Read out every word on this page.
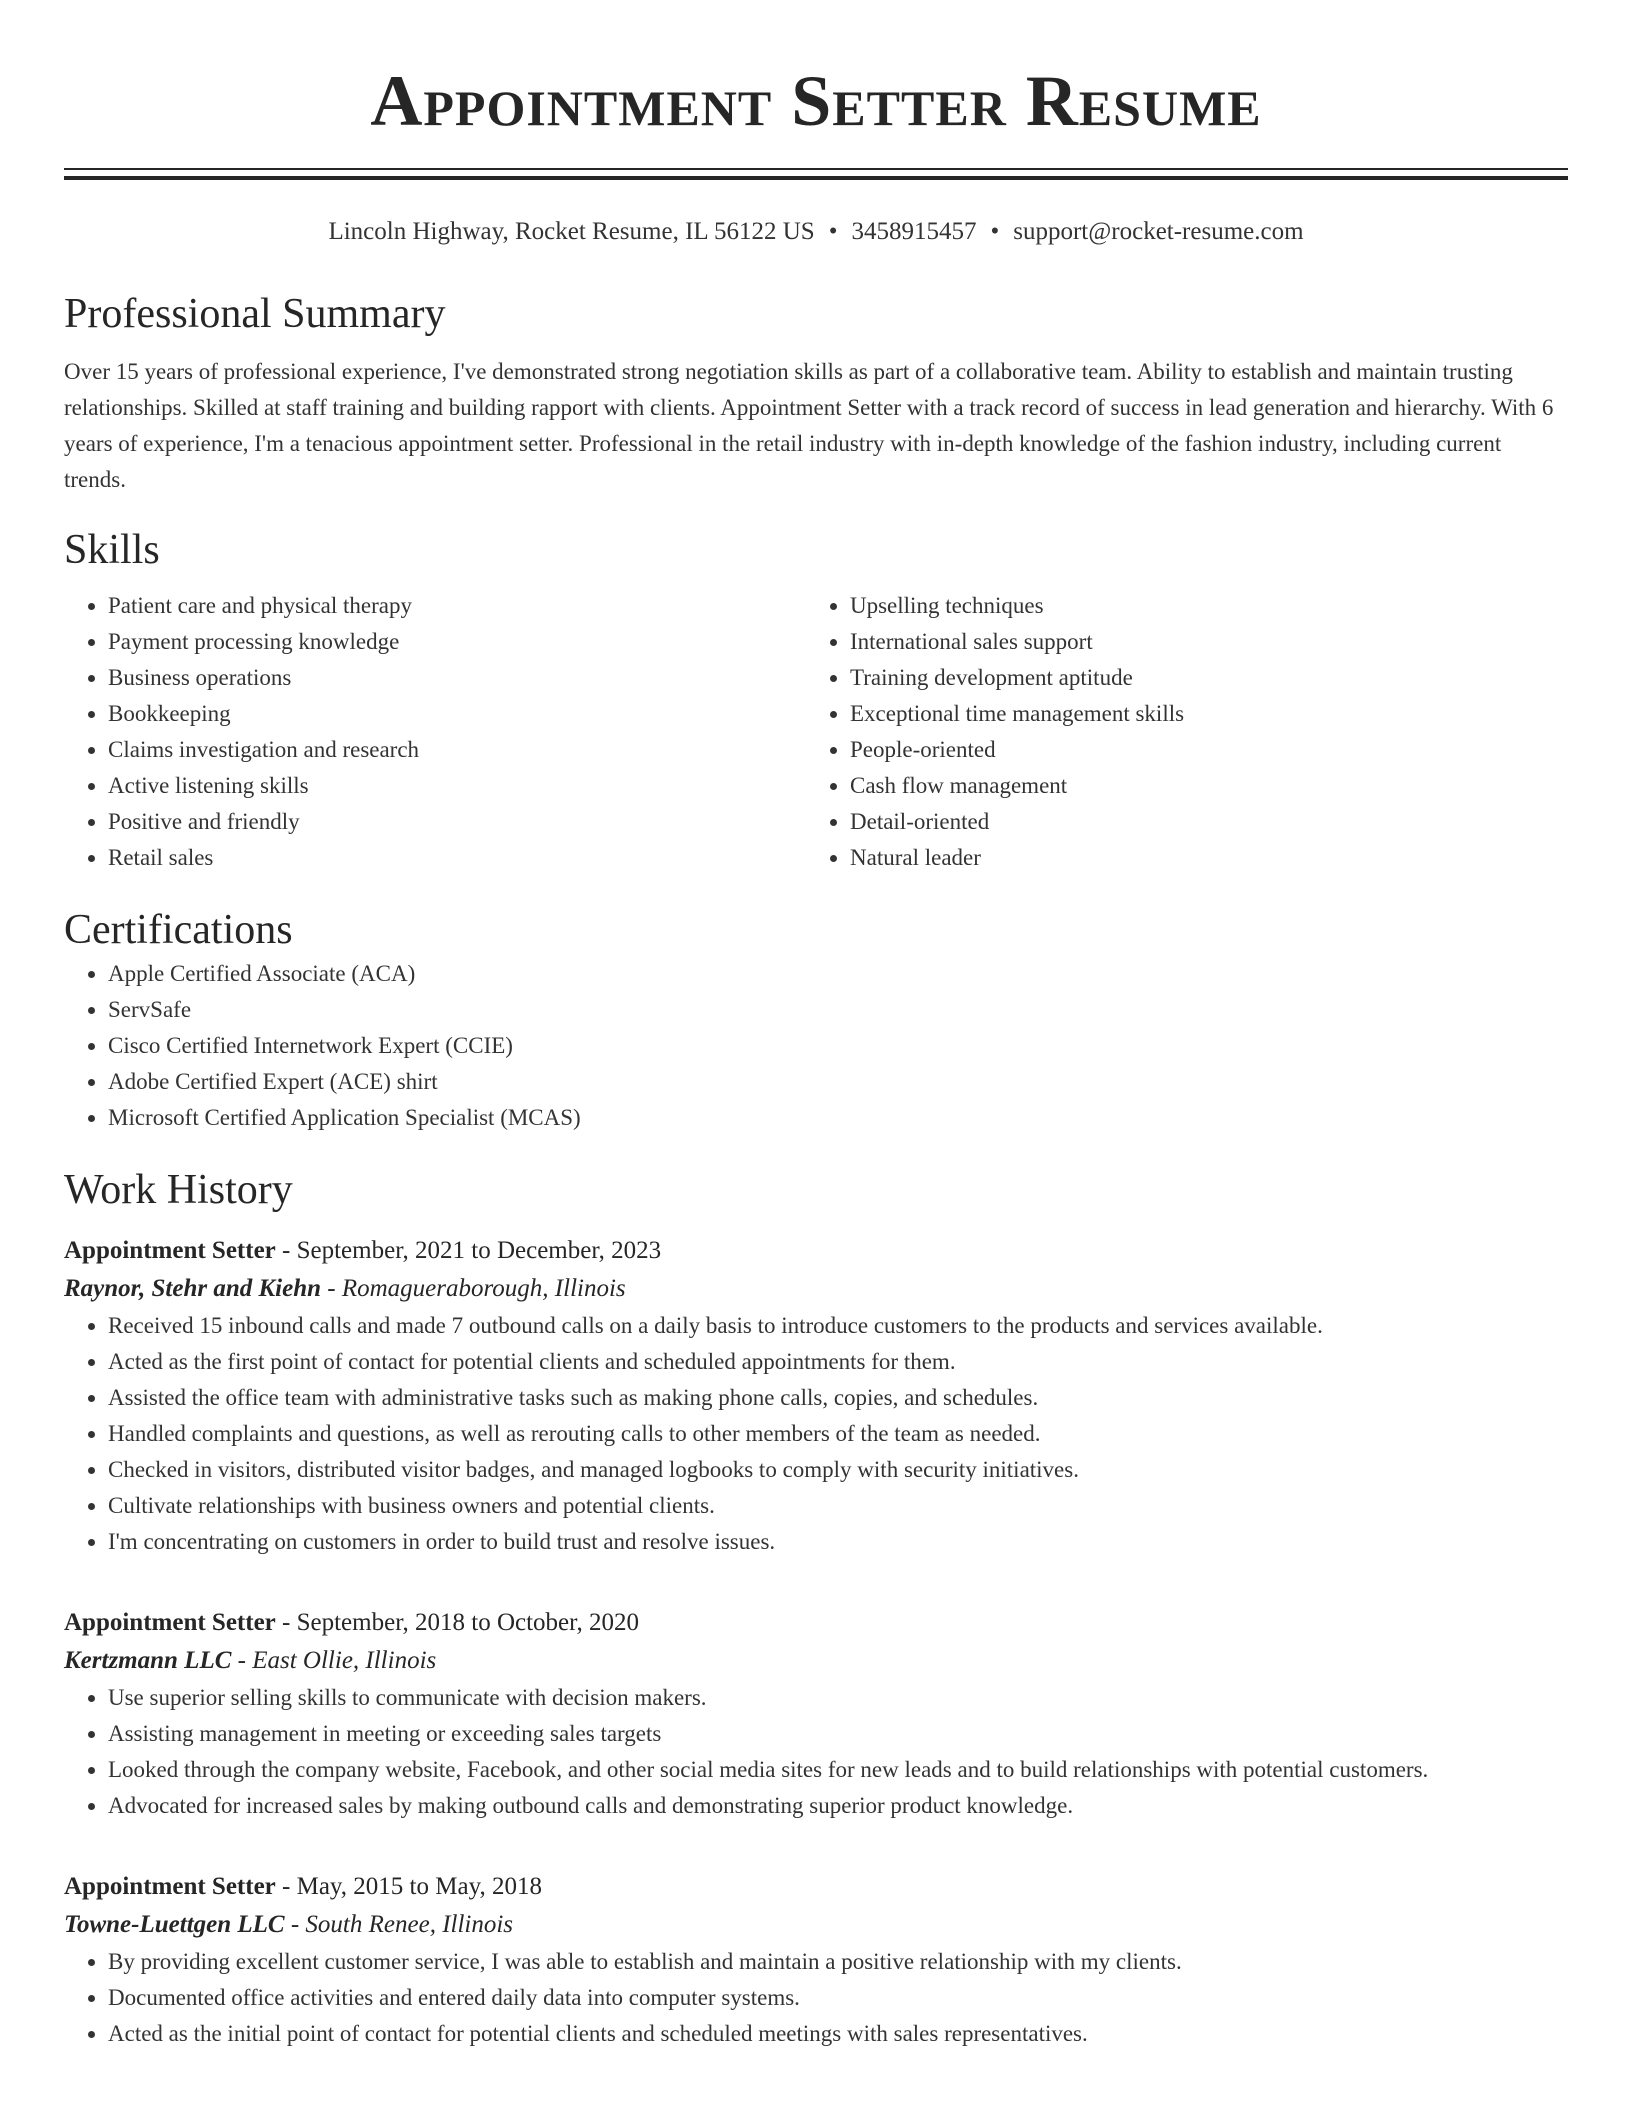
Appointment Setter Resume
Lincoln Highway, Rocket Resume, IL 56122 US • 3458915457 • support@rocket-resume.com
Professional Summary

Over 15 years of professional experience, I've demonstrated strong negotiation skills as part of a collaborative team. Ability to establish and maintain trusting relationships. Skilled at staff training and building rapport with clients. Appointment Setter with a track record of success in lead generation and hierarchy. With 6 years of experience, I'm a tenacious appointment setter. Professional in the retail industry with in-depth knowledge of the fashion industry, including current trends.

Skills
• Patient care and physical therapy
• Payment processing knowledge
• Business operations
• Bookkeeping
• Claims investigation and research
• Active listening skills
• Positive and friendly
• Retail sales
• Upselling techniques
• International sales support
• Training development aptitude
• Exceptional time management skills
• People-oriented
• Cash flow management
• Detail-oriented
• Natural leader
Certifications
• Apple Certified Associate (ACA)
• ServSafe
• Cisco Certified Internetwork Expert (CCIE)
• Adobe Certified Expert (ACE) shirt
• Microsoft Certified Application Specialist (MCAS)
Work History
Appointment Setter - September, 2021 to December, 2023
Raynor, Stehr and Kiehn - Romagueraborough, Illinois
• Received 15 inbound calls and made 7 outbound calls on a daily basis to introduce customers to the products and services available.
• Acted as the first point of contact for potential clients and scheduled appointments for them.
• Assisted the office team with administrative tasks such as making phone calls, copies, and schedules.
• Handled complaints and questions, as well as rerouting calls to other members of the team as needed.
• Checked in visitors, distributed visitor badges, and managed logbooks to comply with security initiatives.
• Cultivate relationships with business owners and potential clients.
• I'm concentrating on customers in order to build trust and resolve issues.
Appointment Setter - September, 2018 to October, 2020
Kertzmann LLC - East Ollie, Illinois
• Use superior selling skills to communicate with decision makers.
• Assisting management in meeting or exceeding sales targets
• Looked through the company website, Facebook, and other social media sites for new leads and to build relationships with potential customers.
• Advocated for increased sales by making outbound calls and demonstrating superior product knowledge.
Appointment Setter - May, 2015 to May, 2018
Towne-Luettgen LLC - South Renee, Illinois
• By providing excellent customer service, I was able to establish and maintain a positive relationship with my clients.
• Documented office activities and entered daily data into computer systems.
• Acted as the initial point of contact for potential clients and scheduled meetings with sales representatives.
